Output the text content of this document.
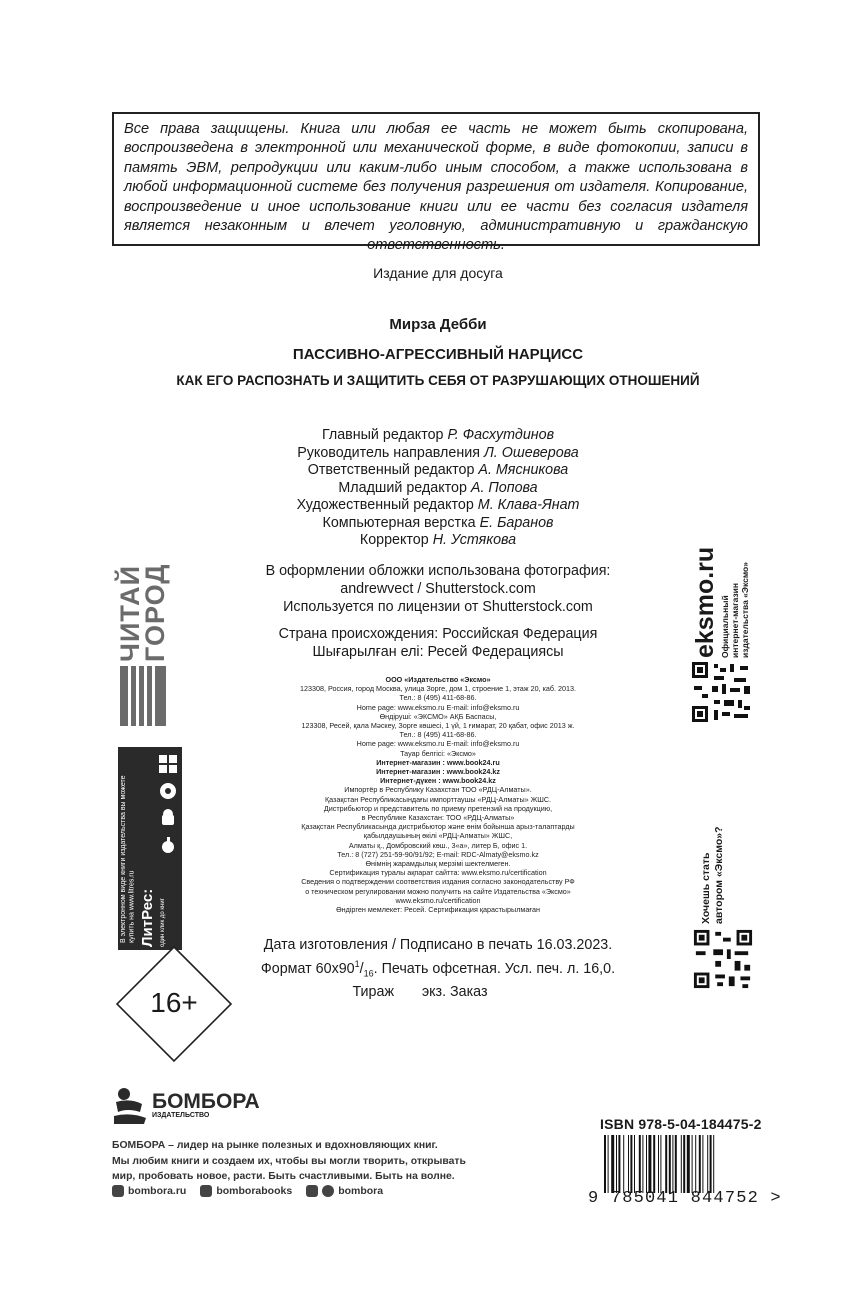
Все права защищены. Книга или любая ее часть не может быть скопирована, воспроизведена в электронной или механической форме, в виде фотокопии, записи в память ЭВМ, репродукции или каким-либо иным способом, а также использована в любой информационной системе без получения разрешения от издателя. Копирование, воспроизведение и иное использование книги или ее части без согласия издателя является незаконным и влечет уголовную, административную и гражданскую ответственность.
Издание для досуга
Мирза Дебби
ПАССИВНО-АГРЕССИВНЫЙ НАРЦИСС
КАК ЕГО РАСПОЗНАТЬ И ЗАЩИТИТЬ СЕБЯ ОТ РАЗРУШАЮЩИХ ОТНОШЕНИЙ
Главный редактор Р. Фасхутдинов
Руководитель направления Л. Ошеверова
Ответственный редактор А. Мясникова
Младший редактор А. Попова
Художественный редактор М. Клава-Янат
Компьютерная верстка Е. Баранов
Корректор Н. Устякова
В оформлении обложки использована фотография:
andrewvect / Shutterstock.com
Используется по лицензии от Shutterstock.com
Страна происхождения: Российская Федерация
Шығарылған елі: Ресей Федерациясы
ООО «Издательство «Эксмо»
123308, Россия, город Москва, улица Зорге, дом 1, строение 1, этаж 20, каб. 2013.
Тел.: 8 (495) 411-68-86.
Home page: www.eksmo.ru E-mail: info@eksmo.ru
Өндіруші: «ЭКСМО» АҚБ Баспасы,
123308, Ресей, қала Мәскеу, Зорге көшесі, 1 үй, 1 ғимарат, 20 қабат, офис 2013 ж.
Тел.: 8 (495) 411-68-86.
Home page: www.eksmo.ru E-mail: info@eksmo.ru
Тауар белгісі: «Эксмо»
Интернет-магазин : www.book24.ru
Интернет-магазин : www.book24.kz
Интернет-дүкен : www.book24.kz
Импортёр в Республику Казахстан ТОО «РДЦ-Алматы».
Қазақстан Республикасындағы импорттаушы «РДЦ-Алматы» ЖШС.
Дистрибьютор и представитель по приему претензий на продукцию,
в Республике Казахстан: ТОО «РДЦ-Алматы»
Қазақстан Республикасында дистрибьютор және өнім бойынша арыз-талаптарды
қабылдаушының өкілі «РДЦ-Алматы» ЖШС,
Алматы қ., Домбровский көш., 3«а», литер Б, офис 1.
Тел.: 8 (727) 251-59-90/91/92; E-mail: RDC-Almaty@eksmo.kz
Өнімнің жарамдылық мерзімі шектелмеген.
Сертификация туралы ақпарат сайтта: www.eksmo.ru/certification
Сведения о подтверждении соответствия издания согласно законодательству РФ
о техническом регулировании можно получить на сайте Издательства «Эксмо»
www.eksmo.ru/certification
Өндірген мемлекет: Ресей. Сертификация қарастырылмаған
Дата изготовления / Подписано в печать 16.03.2023.
Формат $60х90^1/_{16}$. Печать офсетная. Усл. печ. л. 16,0.
Тираж       экз. Заказ
ЧИТАЙ
ГОРОД
В электронном виде книги издательства вы можете купить на www.litres.ru ЛитРес: один клик до книг

eksmo.ru Официальный
интернет-магазин
издательства «Эксмо»
Хочешь стать
автором «Эксмо»?
16+
БОМБОРА
ИЗДАТЕЛЬСТВО
БОМБОРА – лидер на рынке полезных и вдохновляющих книг.
Мы любим книги и создаем их, чтобы вы могли творить, открывать
мир, пробовать новое, расти. Быть счастливыми. Быть на волне.
bombora.ru	bomborabooks	bombora
ISBN 978-5-04-184475-2
9 785041 844752 >
